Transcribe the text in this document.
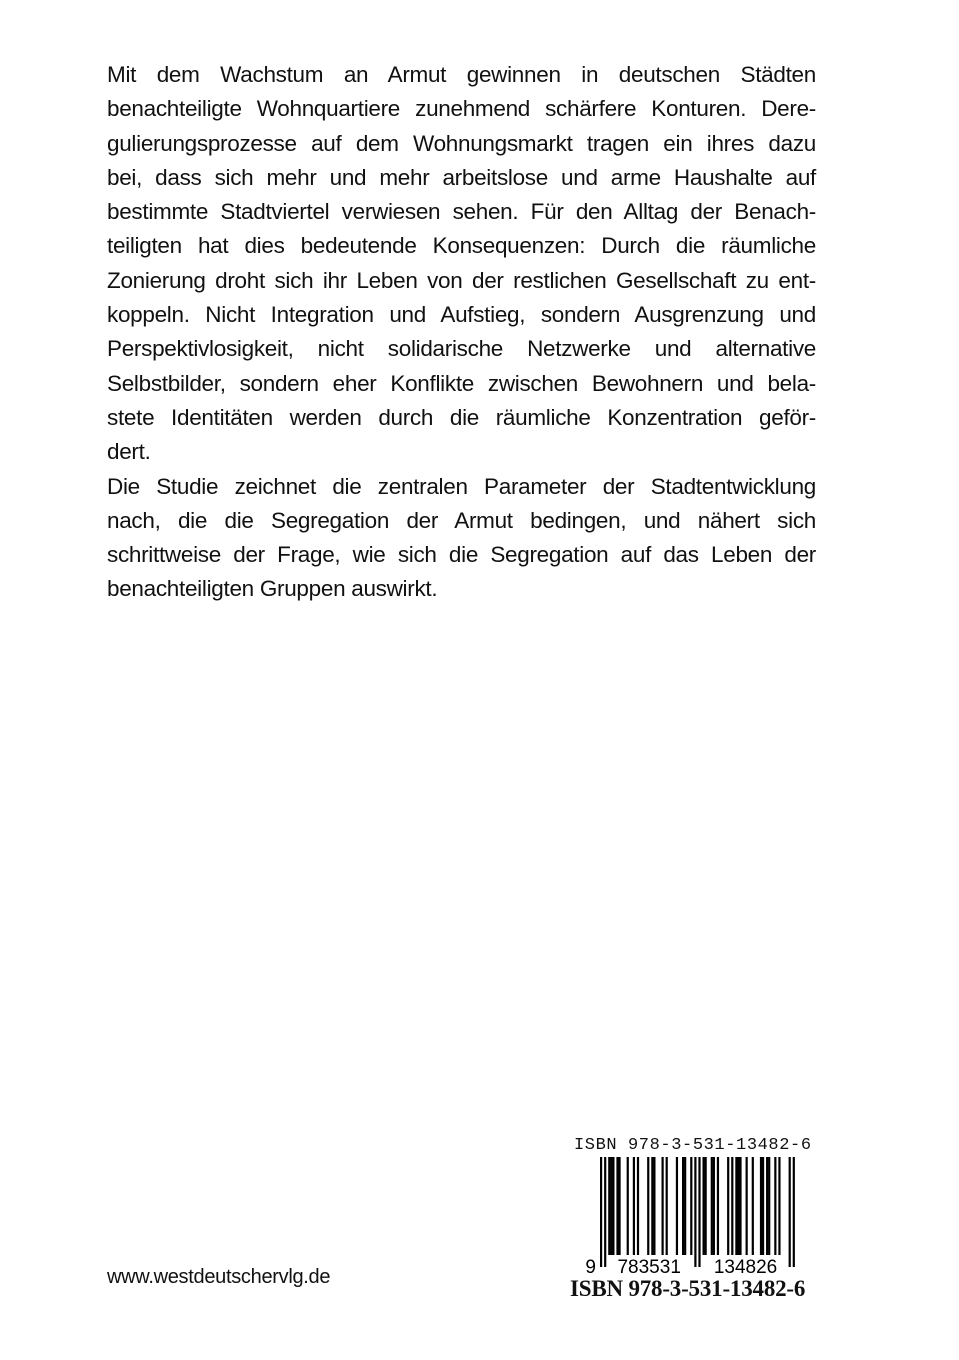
Mit dem Wachstum an Armut gewinnen in deutschen Städten
benachteiligte Wohnquartiere zunehmend schärfere Konturen. Dere-
gulierungsprozesse auf dem Wohnungsmarkt tragen ein ihres dazu
bei, dass sich mehr und mehr arbeitslose und arme Haushalte auf
bestimmte Stadtviertel verwiesen sehen. Für den Alltag der Benach-
teiligten hat dies bedeutende Konsequenzen: Durch die räumliche
Zonierung droht sich ihr Leben von der restlichen Gesellschaft zu ent-
koppeln. Nicht Integration und Aufstieg, sondern Ausgrenzung und
Perspektivlosigkeit, nicht solidarische Netzwerke und alternative
Selbstbilder, sondern eher Konflikte zwischen Bewohnern und bela-
stete Identitäten werden durch die räumliche Konzentration geför-
dert.
Die Studie zeichnet die zentralen Parameter der Stadtentwicklung
nach, die die Segregation der Armut bedingen, und nähert sich
schrittweise der Frage, wie sich die Segregation auf das Leben der
benachteiligten Gruppen auswirkt.
www.westdeutschervlg.de
ISBN 978-3-531-13482-6
9 783531 134826
ISBN 978-3-531-13482-6
